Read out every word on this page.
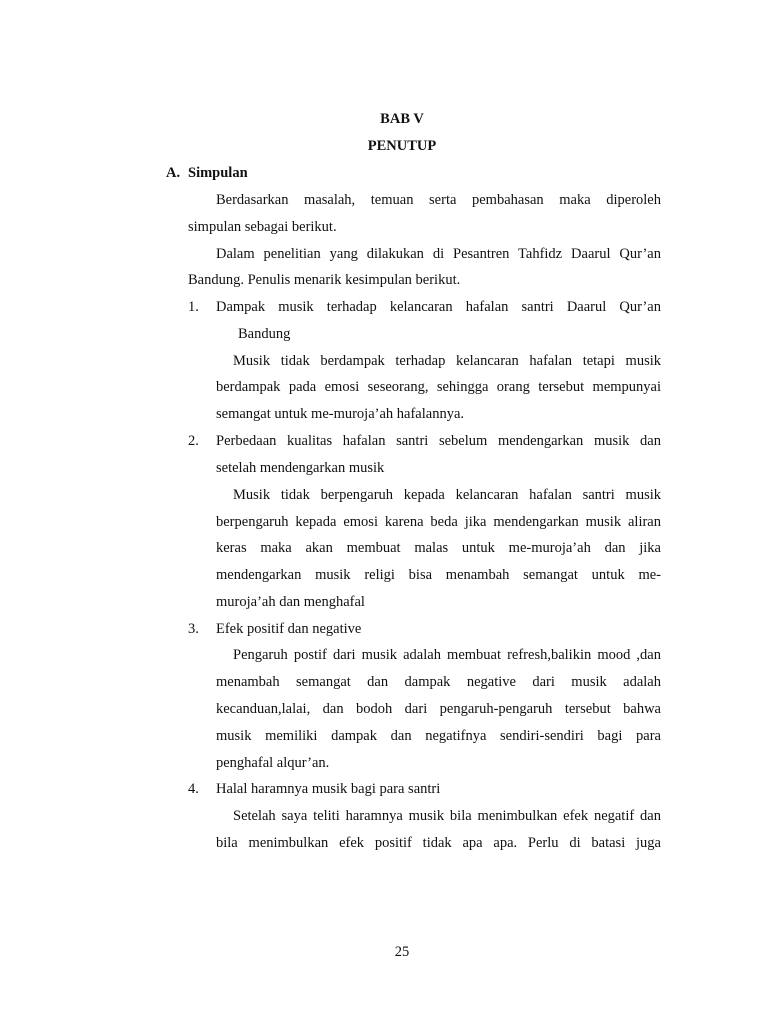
BAB V
PENUTUP
A. Simpulan
Berdasarkan masalah, temuan serta pembahasan maka diperoleh
simpulan sebagai berikut.
Dalam penelitian yang dilakukan di Pesantren Tahfidz Daarul Qur’an
Bandung. Penulis menarik kesimpulan berikut.
1. Dampak musik terhadap kelancaran hafalan santri Daarul Qur’an
Bandung
Musik tidak berdampak terhadap kelancaran hafalan tetapi musik
berdampak pada emosi seseorang, sehingga orang tersebut mempunyai
semangat untuk me-muroja’ah hafalannya.
2. Perbedaan kualitas hafalan santri sebelum mendengarkan musik dan
setelah mendengarkan musik
Musik tidak berpengaruh kepada kelancaran hafalan santri musik
berpengaruh kepada emosi karena beda jika mendengarkan musik aliran
keras maka akan membuat malas untuk me-muroja’ah dan jika
mendengarkan musik religi bisa menambah semangat untuk me-
muroja’ah dan menghafal
3. Efek positif dan negative
Pengaruh postif dari musik adalah membuat refresh,balikin mood ,dan
menambah semangat dan dampak negative dari musik adalah
kecanduan,lalai, dan bodoh dari pengaruh-pengaruh tersebut bahwa
musik memiliki dampak dan negatifnya sendiri-sendiri bagi para
penghafal alqur’an.
4. Halal haramnya musik bagi para santri
Setelah saya teliti haramnya musik bila menimbulkan efek negatif dan
bila menimbulkan efek positif tidak apa apa. Perlu di batasi juga
25
